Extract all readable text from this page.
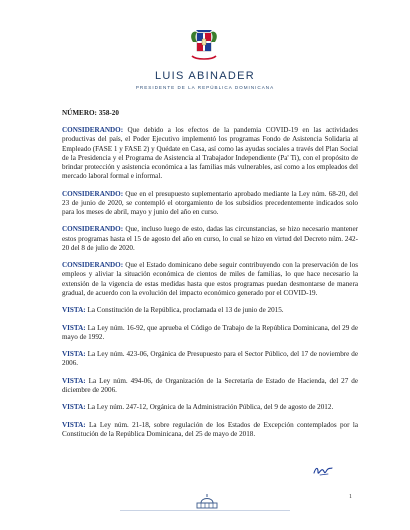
LUIS ABINADER
PRESIDENTE DE LA REPÚBLICA DOMINICANA
NÚMERO: 358-20

CONSIDERANDO: Que debido a los efectos de la pandemia COVID-19 en las actividades productivas del país, el Poder Ejecutivo implementó los programas Fondo de Asistencia Solidaria al Empleado (FASE 1 y FASE 2) y Quédate en Casa, así como las ayudas sociales a través del Plan Social de la Presidencia y el Programa de Asistencia al Trabajador Independiente (Pa' Ti), con el propósito de brindar protección y asistencia económica a las familias más vulnerables, así como a los empleados del mercado laboral formal e informal.

CONSIDERANDO: Que en el presupuesto suplementario aprobado mediante la Ley núm. 68-20, del 23 de junio de 2020, se contempló el otorgamiento de los subsidios precedentemente indicados solo para los meses de abril, mayo y junio del año en curso.

CONSIDERANDO: Que, incluso luego de esto, dadas las circunstancias, se hizo necesario mantener estos programas hasta el 15 de agosto del año en curso, lo cual se hizo en virtud del Decreto núm. 242-20 del 8 de julio de 2020.

CONSIDERANDO: Que el Estado dominicano debe seguir contribuyendo con la preservación de los empleos y aliviar la situación económica de cientos de miles de familias, lo que hace necesario la extensión de la vigencia de estas medidas hasta que estos programas puedan desmontarse de manera gradual, de acuerdo con la evolución del impacto económico generado por el COVID-19.

VISTA: La Constitución de la República, proclamada el 13 de junio de 2015.

VISTA: La Ley núm. 16-92, que aprueba el Código de Trabajo de la República Dominicana, del 29 de mayo de 1992.

VISTA: La Ley núm. 423-06, Orgánica de Presupuesto para el Sector Público, del 17 de noviembre de 2006.

VISTA: La Ley núm. 494-06, de Organización de la Secretaría de Estado de Hacienda, del 27 de diciembre de 2006.

VISTA: La Ley núm. 247-12, Orgánica de la Administración Pública, del 9 de agosto de 2012.

VISTA: La Ley núm. 21-18, sobre regulación de los Estados de Excepción contemplados por la Constitución de la República Dominicana, del 25 de mayo de 2018.

1
